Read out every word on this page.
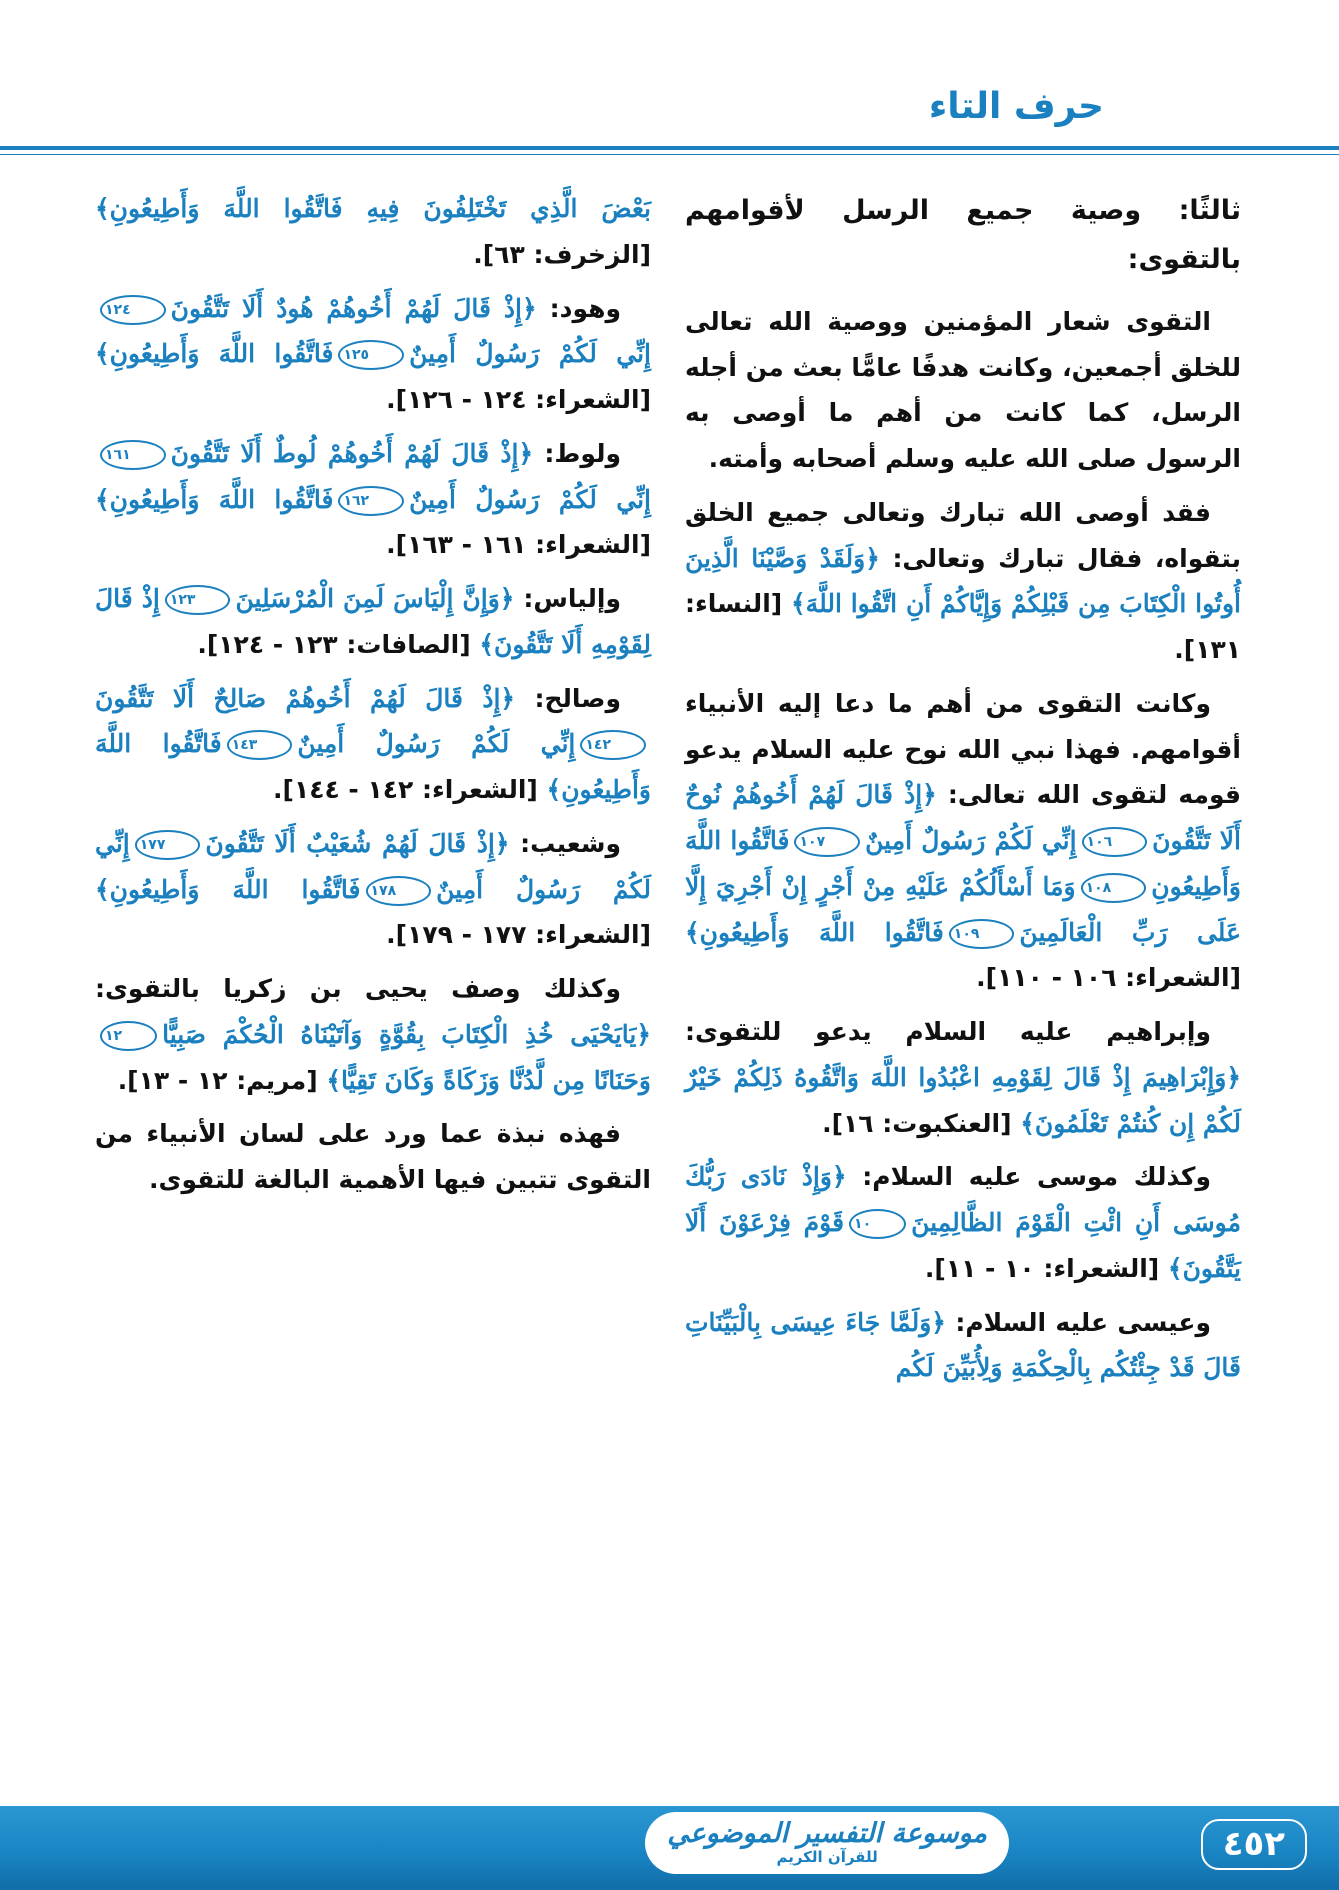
حرف التاء

ثالثًا: وصية جميع الرسل لأقوامهم بالتقوى:

التقوى شعار المؤمنين ووصية الله تعالى للخلق أجمعين، وكانت هدفًا عامًّا بعث من أجله الرسل، كما كانت من أهم ما أوصى به الرسول صلى الله عليه وسلم أصحابه وأمته.

فقد أوصى الله تبارك وتعالى جميع الخلق بتقواه، فقال تبارك وتعالى: ﴿وَلَقَدْ وَصَّيْنَا الَّذِينَ أُوتُوا الْكِتَابَ مِن قَبْلِكُمْ وَإِيَّاكُمْ أَنِ اتَّقُوا اللَّهَ﴾ [النساء: ١٣١].

وكانت التقوى من أهم ما دعا إليه الأنبياء أقوامهم. فهذا نبي الله نوح عليه السلام يدعو قومه لتقوى الله تعالى: ﴿إِذْ قَالَ لَهُمْ أَخُوهُمْ نُوحٌ أَلَا تَتَّقُونَ١٠٦إِنِّي لَكُمْ رَسُولٌ أَمِينٌ١٠٧فَاتَّقُوا اللَّهَ وَأَطِيعُونِ١٠٨وَمَا أَسْأَلُكُمْ عَلَيْهِ مِنْ أَجْرٍ إِنْ أَجْرِيَ إِلَّا عَلَى رَبِّ الْعَالَمِينَ١٠٩فَاتَّقُوا اللَّهَ وَأَطِيعُونِ﴾ [الشعراء: ١٠٦ - ١١٠].

وإبراهيم عليه السلام يدعو للتقوى: ﴿وَإِبْرَاهِيمَ إِذْ قَالَ لِقَوْمِهِ اعْبُدُوا اللَّهَ وَاتَّقُوهُ ذَلِكُمْ خَيْرٌ لَكُمْ إِن كُنتُمْ تَعْلَمُونَ﴾ [العنكبوت: ١٦].

وكذلك موسى عليه السلام: ﴿وَإِذْ نَادَى رَبُّكَ مُوسَى أَنِ ائْتِ الْقَوْمَ الظَّالِمِينَ١٠قَوْمَ فِرْعَوْنَ أَلَا يَتَّقُونَ﴾ [الشعراء: ١٠ - ١١].

وعيسى عليه السلام: ﴿وَلَمَّا جَاءَ عِيسَى بِالْبَيِّنَاتِ قَالَ قَدْ جِئْتُكُم بِالْحِكْمَةِ وَلِأُبَيِّنَ لَكُم

بَعْضَ الَّذِي تَخْتَلِفُونَ فِيهِ فَاتَّقُوا اللَّهَ وَأَطِيعُونِ﴾ [الزخرف: ٦٣].

وهود: ﴿إِذْ قَالَ لَهُمْ أَخُوهُمْ هُودٌ أَلَا تَتَّقُونَ١٢٤إِنِّي لَكُمْ رَسُولٌ أَمِينٌ١٢٥فَاتَّقُوا اللَّهَ وَأَطِيعُونِ﴾ [الشعراء: ١٢٤ - ١٢٦].

ولوط: ﴿إِذْ قَالَ لَهُمْ أَخُوهُمْ لُوطٌ أَلَا تَتَّقُونَ١٦١إِنِّي لَكُمْ رَسُولٌ أَمِينٌ١٦٢فَاتَّقُوا اللَّهَ وَأَطِيعُونِ﴾ [الشعراء: ١٦١ - ١٦٣].

وإلياس: ﴿وَإِنَّ إِلْيَاسَ لَمِنَ الْمُرْسَلِينَ١٢٣إِذْ قَالَ لِقَوْمِهِ أَلَا تَتَّقُونَ﴾ [الصافات: ١٢٣ - ١٢٤].

وصالح: ﴿إِذْ قَالَ لَهُمْ أَخُوهُمْ صَالِحٌ أَلَا تَتَّقُونَ١٤٢إِنِّي لَكُمْ رَسُولٌ أَمِينٌ١٤٣فَاتَّقُوا اللَّهَ وَأَطِيعُونِ﴾ [الشعراء: ١٤٢ - ١٤٤].

وشعيب: ﴿إِذْ قَالَ لَهُمْ شُعَيْبٌ أَلَا تَتَّقُونَ١٧٧إِنِّي لَكُمْ رَسُولٌ أَمِينٌ١٧٨فَاتَّقُوا اللَّهَ وَأَطِيعُونِ﴾ [الشعراء: ١٧٧ - ١٧٩].

وكذلك وصف يحيى بن زكريا بالتقوى: ﴿يَايَحْيَى خُذِ الْكِتَابَ بِقُوَّةٍ وَآتَيْنَاهُ الْحُكْمَ صَبِيًّا١٢وَحَنَانًا مِن لَّدُنَّا وَزَكَاةً وَكَانَ تَقِيًّا﴾ [مريم: ١٢ - ١٣].

فهذه نبذة عما ورد على لسان الأنبياء من التقوى تتبين فيها الأهمية البالغة للتقوى.

موسوعة التفسير الموضوعي
للقرآن الكريم	٤٥٢
